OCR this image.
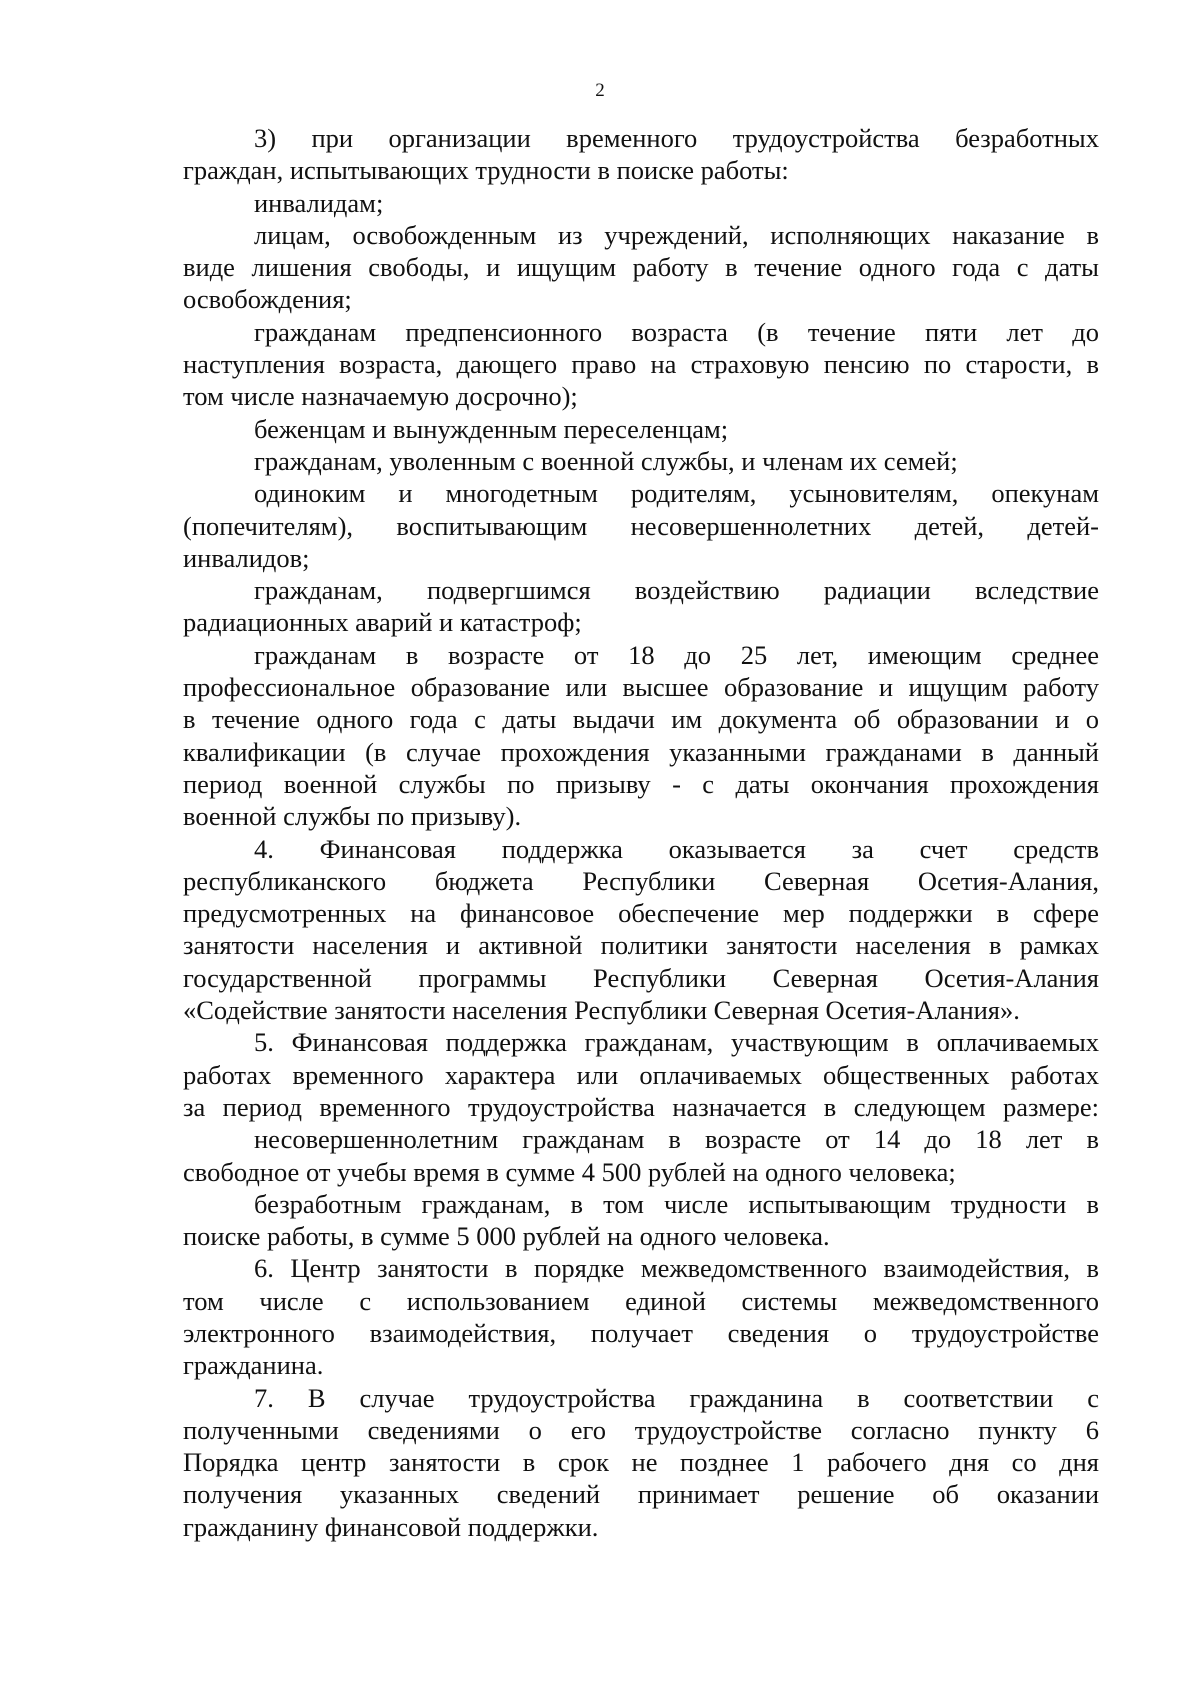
2
3) при организации временного трудоустройства безработных
граждан, испытывающих трудности в поиске работы:
инвалидам;
лицам, освобожденным из учреждений, исполняющих наказание в
виде лишения свободы, и ищущим работу в течение одного года с даты
освобождения;
гражданам предпенсионного возраста (в течение пяти лет до
наступления возраста, дающего право на страховую пенсию по старости, в
том числе назначаемую досрочно);
беженцам и вынужденным переселенцам;
гражданам, уволенным с военной службы, и членам их семей;
одиноким и многодетным родителям, усыновителям, опекунам
(попечителям), воспитывающим несовершеннолетних детей, детей-
инвалидов;
гражданам, подвергшимся воздействию радиации вследствие
радиационных аварий и катастроф;
гражданам в возрасте от 18 до 25 лет, имеющим среднее
профессиональное образование или высшее образование и ищущим работу
в течение одного года с даты выдачи им документа об образовании и о
квалификации (в случае прохождения указанными гражданами в данный
период военной службы по призыву - с даты окончания прохождения
военной службы по призыву).
4. Финансовая поддержка оказывается за счет средств
республиканского бюджета Республики Северная Осетия-Алания,
предусмотренных на финансовое обеспечение мер поддержки в сфере
занятости населения и активной политики занятости населения в рамках
государственной программы Республики Северная Осетия-Алания
«Содействие занятости населения Республики Северная Осетия-Алания».
5. Финансовая поддержка гражданам, участвующим в оплачиваемых
работах временного характера или оплачиваемых общественных работах
за период временного трудоустройства назначается в следующем размере:
несовершеннолетним гражданам в возрасте от 14 до 18 лет в
свободное от учебы время в сумме 4 500 рублей на одного человека;
безработным гражданам, в том числе испытывающим трудности в
поиске работы, в сумме 5 000 рублей на одного человека.
6. Центр занятости в порядке межведомственного взаимодействия, в
том числе с использованием единой системы межведомственного
электронного взаимодействия, получает сведения о трудоустройстве
гражданина.
7. В случае трудоустройства гражданина в соответствии с
полученными сведениями о его трудоустройстве согласно пункту 6
Порядка центр занятости в срок не позднее 1 рабочего дня со дня
получения указанных сведений принимает решение об оказании
гражданину финансовой поддержки.
